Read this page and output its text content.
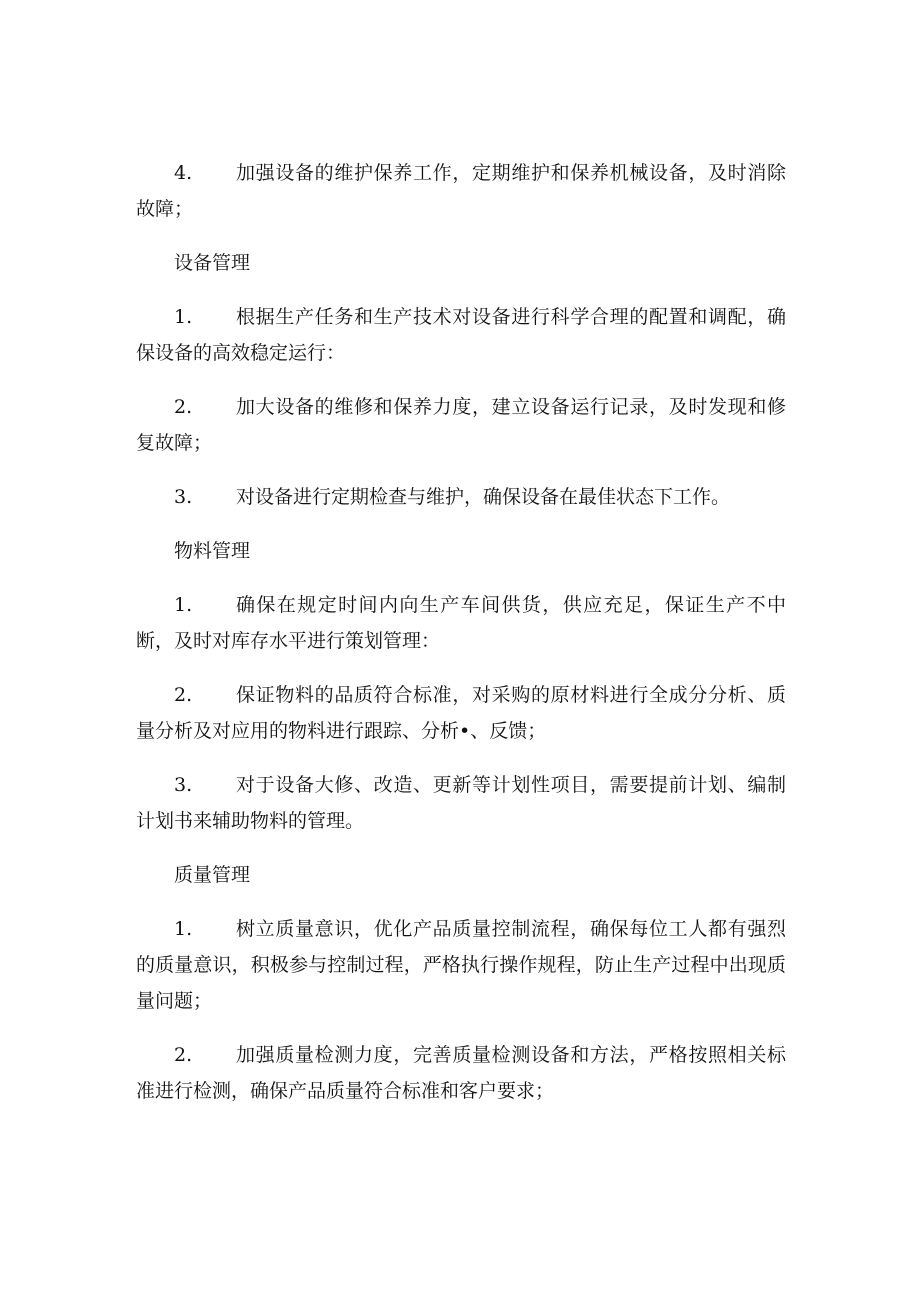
4.	加强设备的维护保养工作，定期维护和保养机械设备，及时消除故障；
设备管理
1.	根据生产任务和生产技术对设备进行科学合理的配置和调配，确保设备的高效稳定运行：
2.	加大设备的维修和保养力度，建立设备运行记录，及时发现和修复故障；
3.	对设备进行定期检查与维护，确保设备在最佳状态下工作。
物料管理
1.	确保在规定时间内向生产车间供货，供应充足，保证生产不中断，及时对库存水平进行策划管理：
2.	保证物料的品质符合标准，对采购的原材料进行全成分分析、质量分析及对应用的物料进行跟踪、分析•、反馈；
3.	对于设备大修、改造、更新等计划性项目，需要提前计划、编制计划书来辅助物料的管理。
质量管理
1.	树立质量意识，优化产品质量控制流程，确保每位工人都有强烈的质量意识，积极参与控制过程，严格执行操作规程，防止生产过程中出现质量问题；
2.	加强质量检测力度，完善质量检测设备和方法，严格按照相关标准进行检测，确保产品质量符合标准和客户要求；
